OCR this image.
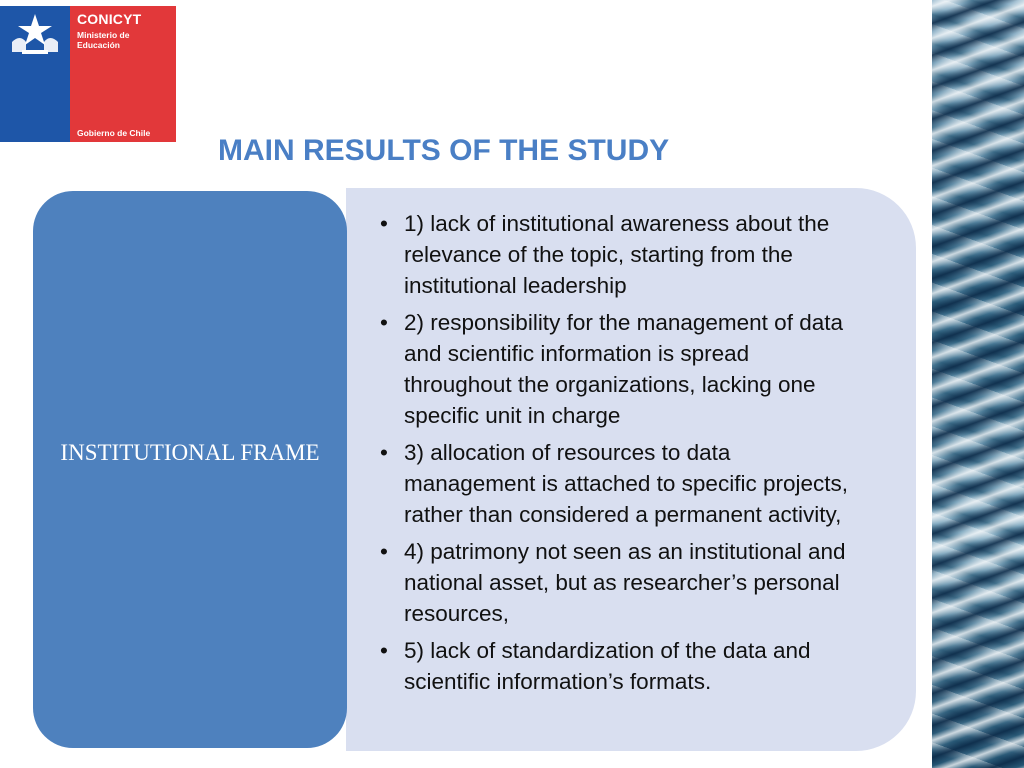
CONICYT
Ministerio de Educación
Gobierno de Chile
MAIN RESULTS OF THE STUDY
• 1) lack of institutional awareness about the relevance of the topic, starting from the institutional leadership
• 2) responsibility for the management of data and scientific information is spread throughout the organizations, lacking one specific unit in charge
• 3) allocation of resources to data management is attached to specific projects, rather than considered a permanent activity,
• 4) patrimony not seen as an institutional and national asset, but as researcher’s personal resources,
• 5) lack of standardization of the data and scientific information’s formats.
INSTITUTIONAL FRAME
